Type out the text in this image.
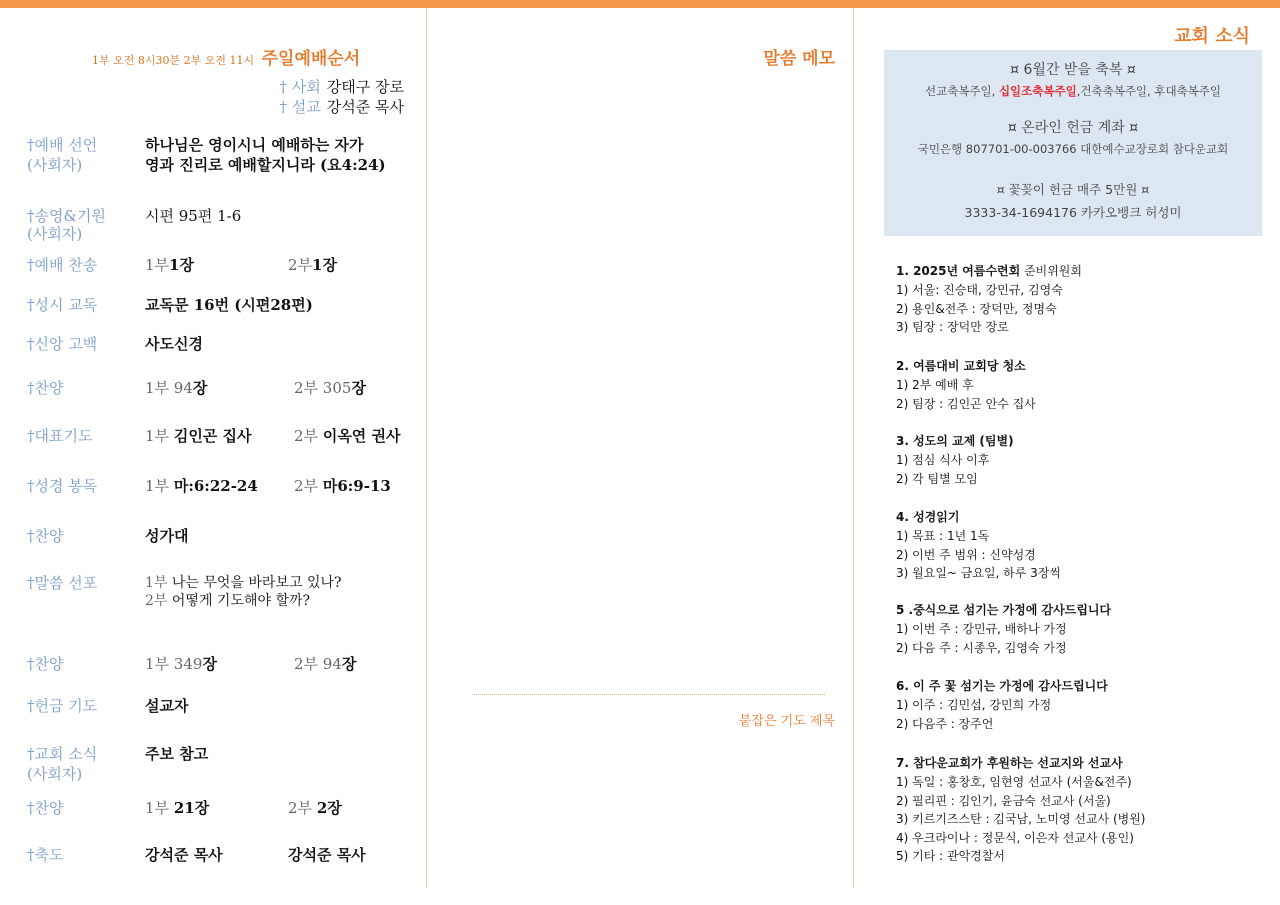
1부 오전 8시30분 2부 오전 11시 주일예배순서
† 사회 강태구 장로
† 설교 강석준 목사
†예배 선언
(사회자)
하나님은 영이시니 예배하는 자가
영과 진리로 예배할지니라 (요4:24)
†송영&기원
(사회자)
시편 95편 1-6
†예배 찬송	1부1장	2부1장
†성시 교독	교독문 16번 (시편28편)
†신앙 고백	사도신경
†찬양	1부 94장	2부 305장
†대표기도	1부 김인곤 집사	2부 이옥연 권사
†성경 봉독	1부 마:6:22-24 2부 마6:9-13
†찬양	성가대
†말씀 선포	1부 나는 무엇을 바라보고 있나?
2부 어떻게 기도해야 할까?
†찬양	1부 349장	2부 94장
†헌금 기도	설교자
†교회 소식
(사회자)
주보 참고
†찬양	1부 21장	2부 2장
†축도	강석준 목사	강석준 목사
말씀 메모
붙잡은 기도 제목
교회 소식
¤ 6월간 받을 축복 ¤
선교축복주일, 십일조축복주일,건축축복주일, 후대축복주일
¤ 온라인 헌금 계좌 ¤
국민은행 807701-00-003766 대한예수교장로회 참다운교회
¤ 꽃꽂이 헌금 매주 5만원 ¤
3333-34-1694176 카카오뱅크 허성미
1. 2025년 여름수련회 준비위원회
1) 서울: 진승태, 강민규, 김영숙
2) 용인&전주 : 장덕만, 정명숙
3) 팀장 : 장덕만 장로
2. 여름대비 교회당 청소
1) 2부 예배 후
2) 팀장 : 김인곤 안수 집사
3. 성도의 교제 (팀별)
1) 점심 식사 이후
2) 각 팀별 모임
4. 성경읽기
1) 목표 : 1년 1독
2) 이번 주 범위 : 신약성경
3) 월요일~ 금요일, 하루 3장씩
5 .중식으로 섬기는 가정에 감사드립니다
1) 이번 주 : 강민규, 배하나 가정
2) 다음 주 : 시종우, 김영숙 가정
6. 이 주 꽃 섬기는 가정에 감사드립니다
1) 이주 : 김민섭, 강민희 가정
2) 다음주 : 장주언
7. 참다운교회가 후원하는 선교지와 선교사
1) 독일 : 홍창호, 임현영 선교사 (서울&전주)
2) 필리핀 : 김인기, 윤금숙 선교사 (서울)
3) 키르기즈스탄 : 김국남, 노미영 선교사 (병원)
4) 우크라이나 : 정문식, 이은자 선교사 (용인)
5) 기타 : 관악경찰서
